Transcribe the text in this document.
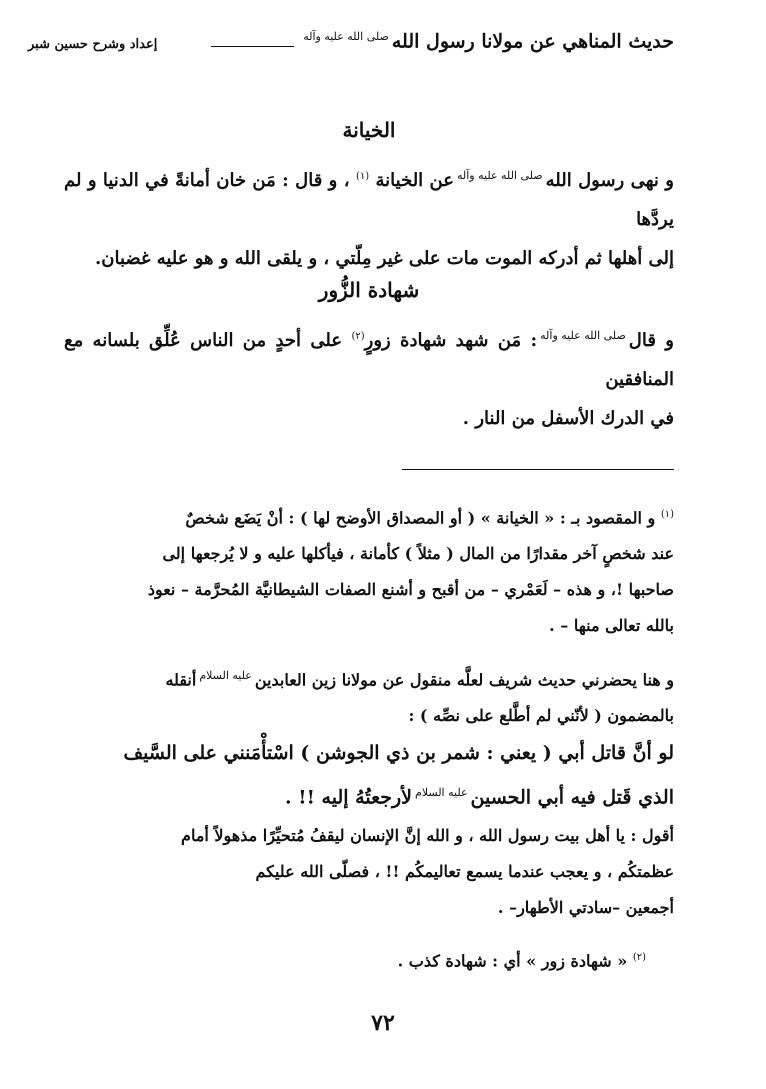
حديث المناهي عن مولانا رسول اللهصلى الله عليه وآله
إعداد وشرح حسين شبر
الخيانة

و نهى رسول اللهصلى الله عليه وآلهعن الخيانة $^{(١)}$ ، و قال : مَن خان أمانةً في الدنيا و لم يردَّها

إلى أهلها ثم أدركه الموت مات على غير مِلّتي ، و يلقى الله و هو عليه غضبان.

شهادة الزُّور

و قالصلى الله عليه وآله: مَن شهد شهادة زورٍ$^{(٢)}$ على أحدٍ من الناس عُلِّق بلسانه مع المنافقين

في الدرك الأسفل من النار .

$^{(١)}$ و المقصود بـ : « الخيانة » ( أو المصداق الأوضح لها ) : أنْ يَضَع شخصٌ

عند شخصٍ آخر مقدارًا من المال ( مثلاً ) كأمانة ، فيأكلها عليه و لا يُرجعها إلى

صاحبها !، و هذه – لَعَمْري – من أقبح و أشنع الصفات الشيطانيَّة المُحرَّمة – نعوذ

بالله تعالى منها – .

و هنا يحضرني حديث شريف لعلَّه منقول عن مولانا زين العابدينعليه السلامأنقله

بالمضمون ( لأنّني لم أطَّلع على نصِّه ) :

لو أنَّ قاتل أبي ( يعني : شمر بن ذي الجوشن ) اسْتأْمَنني على السَّيف

الذي قَتل فيه أبي الحسينعليه السلاملأرجعتُهُ إليه !! .

أقول : يا أهل بيت رسول الله ، و الله إنَّ الإنسان ليقفُ مُتحيِّرًا مذهولاً أمام

عظمتكُم ، و يعجب عندما يسمع تعاليمكُم !! ، فصلّى الله عليكم

أجمعين –سادتي الأطهار– .

$^{(٢)}$ « شهادة زور » أي : شهادة كذب .

٧٢
